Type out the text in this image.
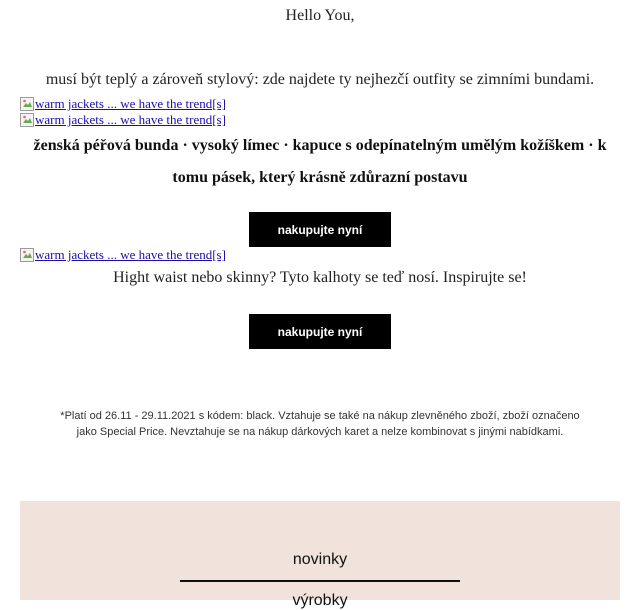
Hello You,
musí být teplý a zároveň stylový: zde najdete ty nejhezčí outfity se zimními bundami.
warm jackets ... we have the trend[s]
warm jackets ... we have the trend[s]
ženská péřová bunda · vysoký límec · kapuce s odepínatelným umělým kožíškem · k tomu pásek, který krásně zdůrazní postavu
nakupujte nyní
warm jackets ... we have the trend[s]
Hight waist nebo skinny? Tyto kalhoty se teď nosí. Inspirujte se!
nakupujte nyní
*Platí od 26.11 - 29.11.2021 s kódem: black. Vztahuje se také na nákup zlevněného zboží, zboží označeno jako Special Price. Nevztahuje se na nákup dárkových karet a nelze kombinovat s jinými nabídkami.
novinky
výrobky
